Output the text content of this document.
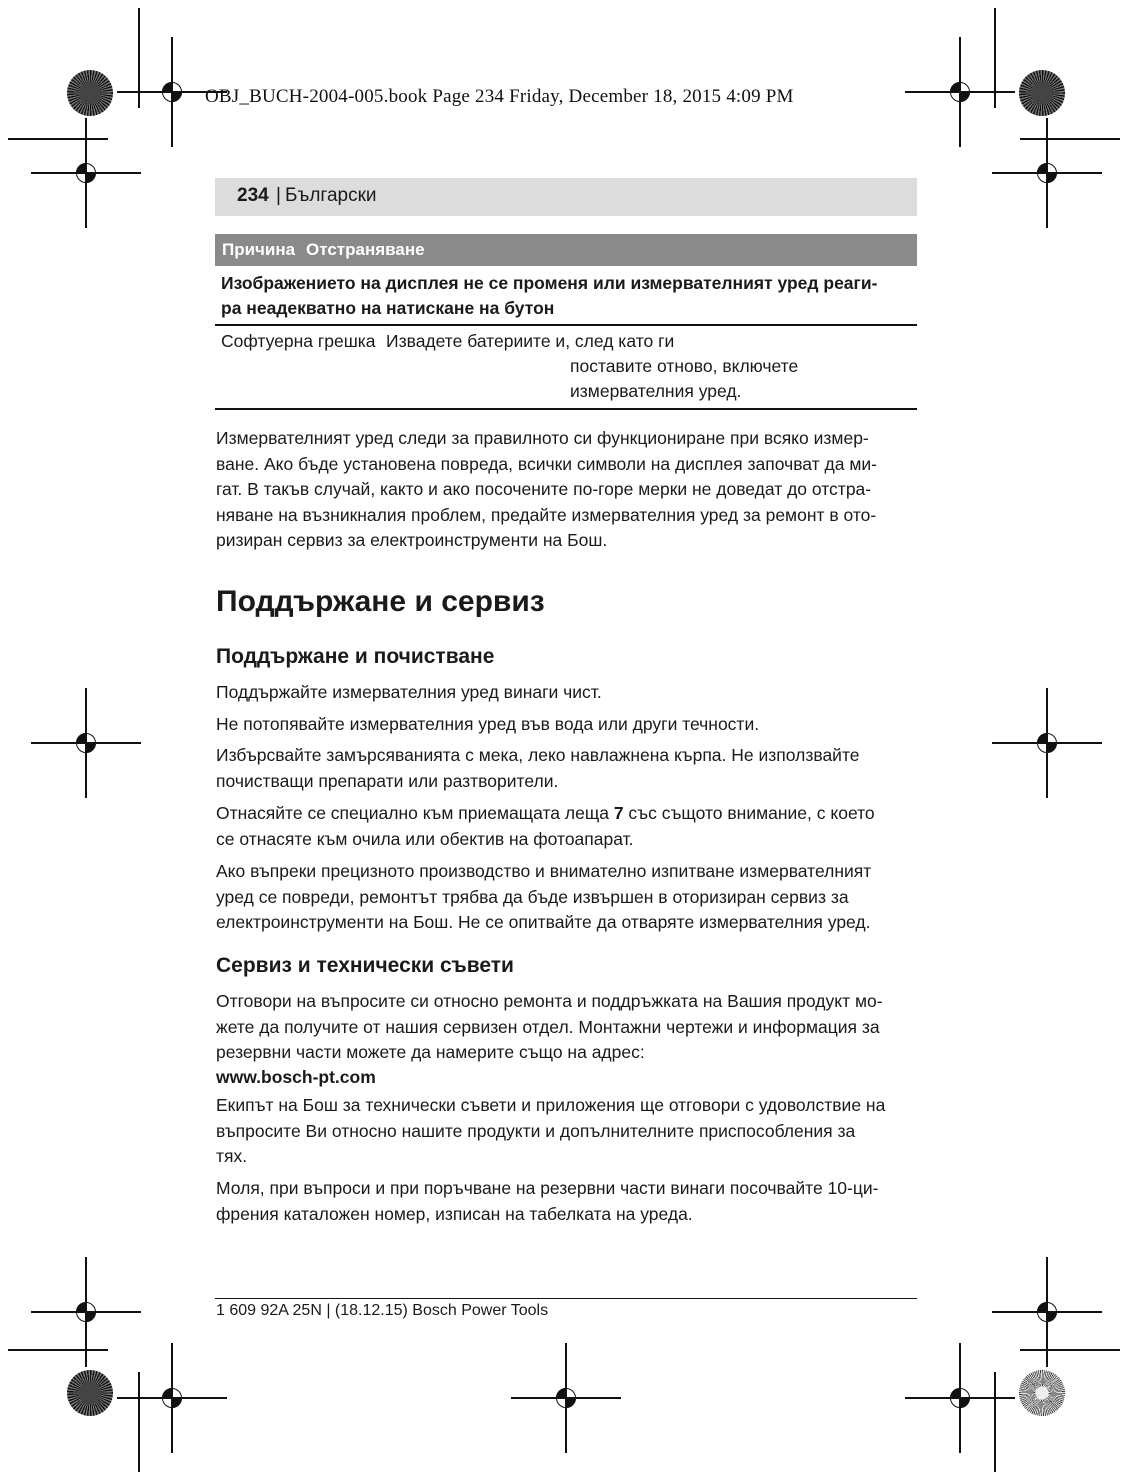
OBJ_BUCH-2004-005.book Page 234 Friday, December 18, 2015 4:09 PM
234 | Български
Причина Отстраняване
Изображението на дисплея не се променя или измервателният уред реаги-
ра неадекватно на натискане на бутон
Софтуерна грешка Извадете батериите и, след като ги
поставите отново, включете
измервателния уред.

Измервателният уред следи за правилното си функциониране при всяко измер-
ване. Ако бъде установена повреда, всички символи на дисплея започват да ми-
гат. В такъв случай, както и ако посочените по-горе мерки не доведат до отстра-
няване на възникналия проблем, предайте измервателния уред за ремонт в ото-
ризиран сервиз за електроинструменти на Бош.

Поддържане и сервиз
Поддържане и почистване

Поддържайте измервателния уред винаги чист.

Не потопявайте измервателния уред във вода или други течности.

Избърсвайте замърсяванията с мека, леко навлажнена кърпа. Не използвайте
почистващи препарати или разтворители.

Отнасяйте се специално към приемащата леща 7 със същото внимание, с което
се отнасяте към очила или обектив на фотоапарат.

Ако въпреки прецизното производство и внимателно изпитване измервателният
уред се повреди, ремонтът трябва да бъде извършен в оторизиран сервиз за
електроинструменти на Бош. Не се опитвайте да отваряте измервателния уред.

Сервиз и технически съвети

Отговори на въпросите си относно ремонта и поддръжката на Вашия продукт мо-
жете да получите от нашия сервизен отдел. Монтажни чертежи и информация за
резервни части можете да намерите също на адрес:

www.bosch-pt.com

Екипът на Бош за технически съвети и приложения ще отговори с удоволствие на
въпросите Ви относно нашите продукти и допълнителните приспособления за
тях.

Моля, при въпроси и при поръчване на резервни части винаги посочвайте 10-ци-
френия каталожен номер, изписан на табелката на уреда.

1 609 92A 25N | (18.12.15) Bosch Power Tools
